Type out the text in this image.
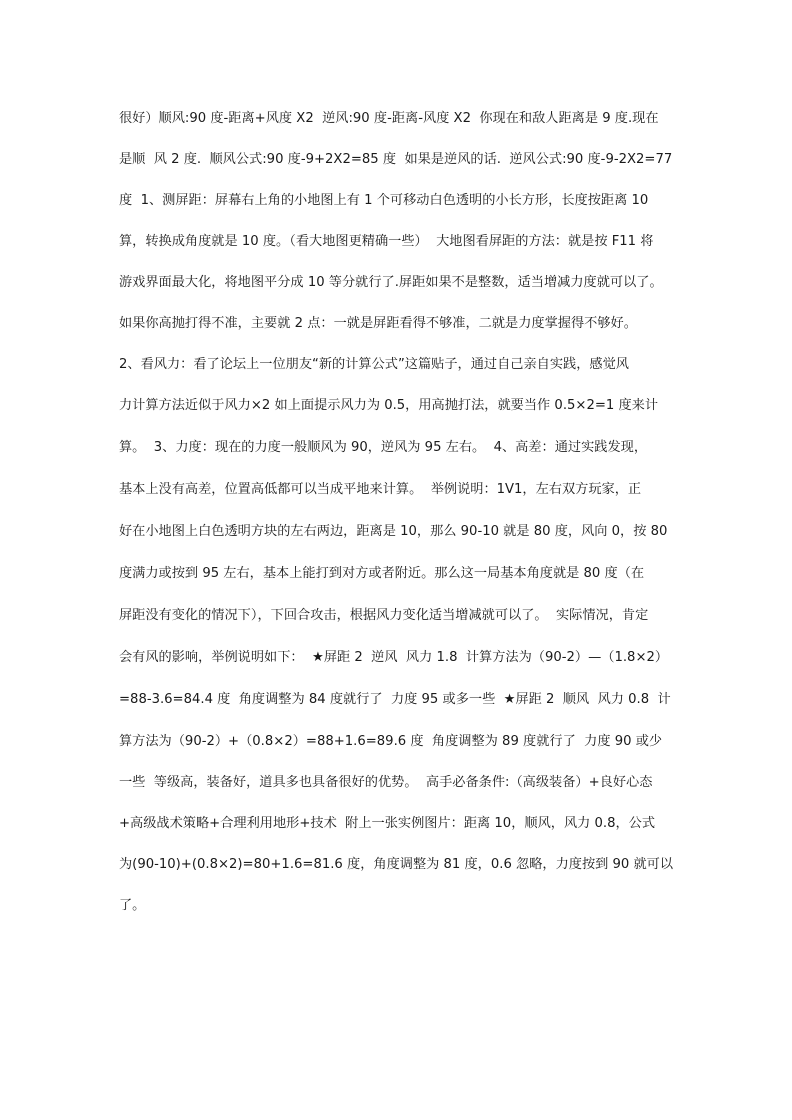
很好）顺风:90 度-距离+风度 X2  逆风:90 度-距离-风度 X2  你现在和敌人距离是 9 度.现在
是顺  风 2 度.  顺风公式:90 度-9+2X2=85 度  如果是逆风的话.  逆风公式:90 度-9-2X2=77
度  1、测屏距：屏幕右上角的小地图上有 1 个可移动白色透明的小长方形，长度按距离 10
算，转换成角度就是 10 度。（看大地图更精确一些）  大地图看屏距的方法：就是按 F11 将
游戏界面最大化，将地图平分成 10 等分就行了.屏距如果不是整数，适当增减力度就可以了。
如果你高抛打得不准，主要就 2 点：一就是屏距看得不够准，二就是力度掌握得不够好。
2、看风力：看了论坛上一位朋友“新的计算公式”这篇贴子，通过自己亲自实践，感觉风
力计算方法近似于风力×2 如上面提示风力为 0.5，用高抛打法，就要当作 0.5×2=1 度来计
算。  3、力度：现在的力度一般顺风为 90，逆风为 95 左右。  4、高差：通过实践发现，
基本上没有高差，位置高低都可以当成平地来计算。  举例说明：1V1，左右双方玩家，正
好在小地图上白色透明方块的左右两边，距离是 10，那么 90-10 就是 80 度，风向 0，按 80
度满力或按到 95 左右，基本上能打到对方或者附近。那么这一局基本角度就是 80 度（在
屏距没有变化的情况下），下回合攻击，根据风力变化适当增减就可以了。  实际情况，肯定
会有风的影响，举例说明如下：  ★屏距 2  逆风  风力 1.8  计算方法为（90-2）—（1.8×2）
=88-3.6=84.4 度  角度调整为 84 度就行了  力度 95 或多一些  ★屏距 2  顺风  风力 0.8  计
算方法为（90-2）+（0.8×2）=88+1.6=89.6 度  角度调整为 89 度就行了  力度 90 或少
一些  等级高，装备好，道具多也具备很好的优势。  高手必备条件:（高级装备）+良好心态
+高级战术策略+合理利用地形+技术  附上一张实例图片：距离 10，顺风，风力 0.8，公式
为(90-10)+(0.8×2)=80+1.6=81.6 度，角度调整为 81 度，0.6 忽略，力度按到 90 就可以
了。
